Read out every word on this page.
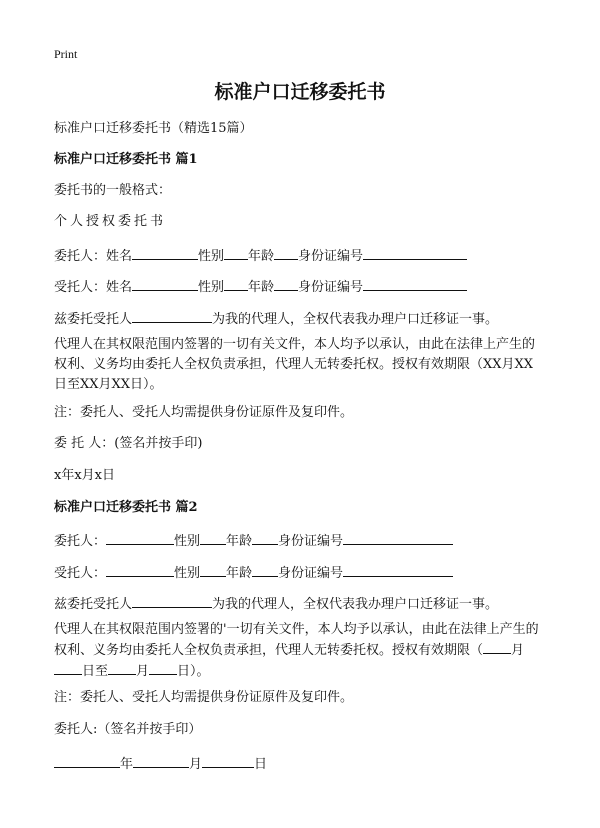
Print
标准户口迁移委托书
标准户口迁移委托书（精选15篇）
标准户口迁移委托书 篇1
委托书的一般格式：
个人授权委托书
委托人：姓名	性别 年龄 身份证编号
受托人：姓名	性别 年龄 身份证编号
兹委托受托人	为我的代理人，全权代表我办理户口迁移证一事。
代理人在其权限范围内签署的一切有关文件，本人均予以承认，由此在法律上产生的权利、义务均由委托人全权负责承担，代理人无转委托权。授权有效期限（XX月XX日至XX月XX日）。
注：委托人、受托人均需提供身份证原件及复印件。
委 托 人：(签名并按手印)
x年x月x日
标准户口迁移委托书 篇2
委托人：	性别 年龄 身份证编号
受托人：	性别 年龄 身份证编号
兹委托受托人	为我的代理人，全权代表我办理户口迁移证一事。
代理人在其权限范围内签署的'一切有关文件，本人均予以承认，由此在法律上产生的权利、义务均由委托人全权负责承担，代理人无转委托权。授权有效期限（ 月日至 月 日）。
注：委托人、受托人均需提供身份证原件及复印件。
委托人:（签名并按手印）
年	月	日
